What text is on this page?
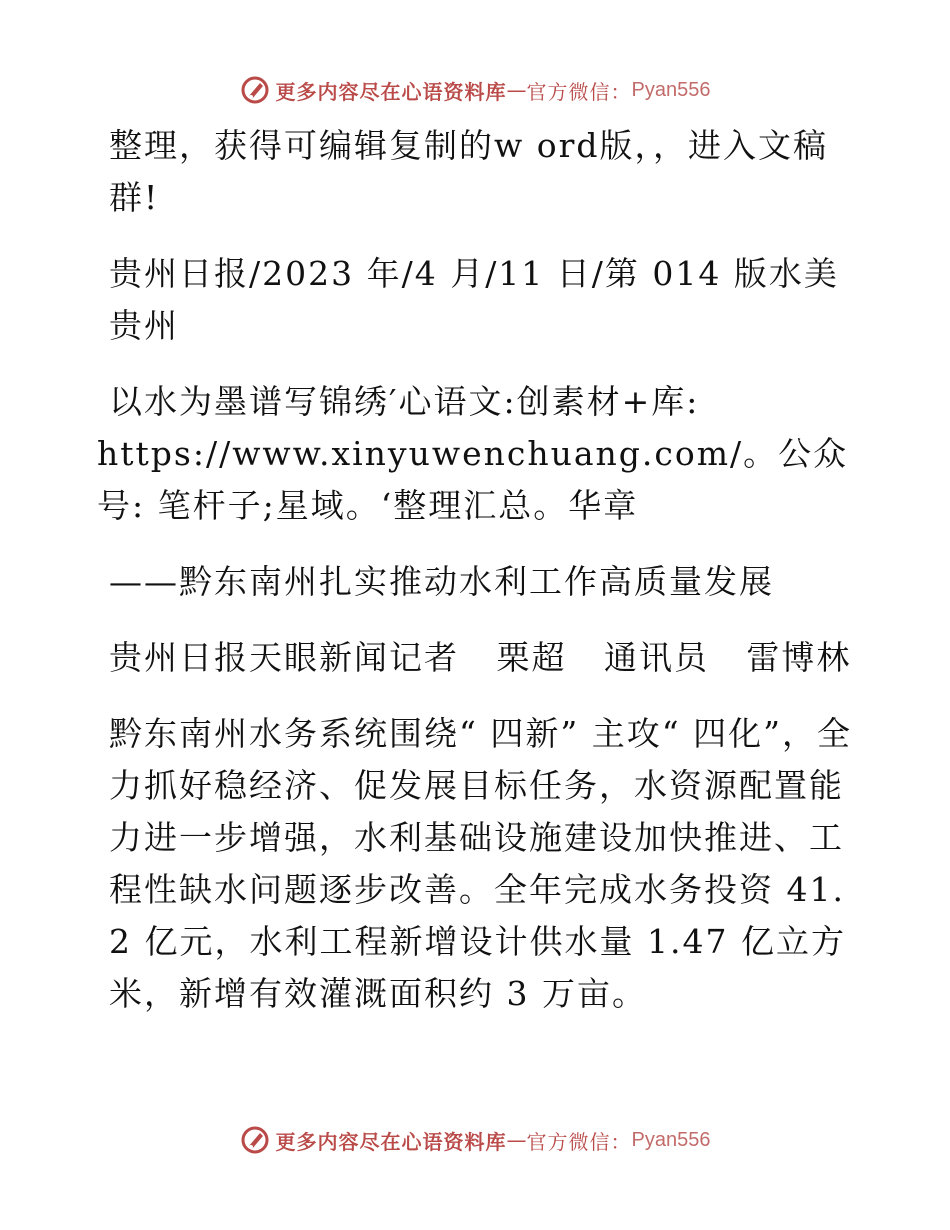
更多内容尽在心语资料库 — 官方微信： Pyan556

整理，获得可编辑复制的w ord版，，进入文稿群!

贵州日报/2023 年/4 月/11 日/第 014 版水美贵州

以水为墨谱写锦绣′心语文:创素材+库:
https://www.xinyuwenchuang.com/。公众号: 笔杆子;星域。‘整理汇总。华章

——黔东南州扎实推动水利工作高质量发展

贵州日报天眼新闻记者   栗超   通讯员   雷博林

黔东南州水务系统围绕“ 四新” 主攻“ 四化”，全力抓好稳经济、促发展目标任务，水资源配置能力进一步增强，水利基础设施建设加快推进、工程性缺水问题逐步改善。全年完成水务投资 41.2 亿元，水利工程新增设计供水量 1.47 亿立方米，新增有效灌溉面积约 3 万亩。

更多内容尽在心语资料库 — 官方微信： Pyan556
